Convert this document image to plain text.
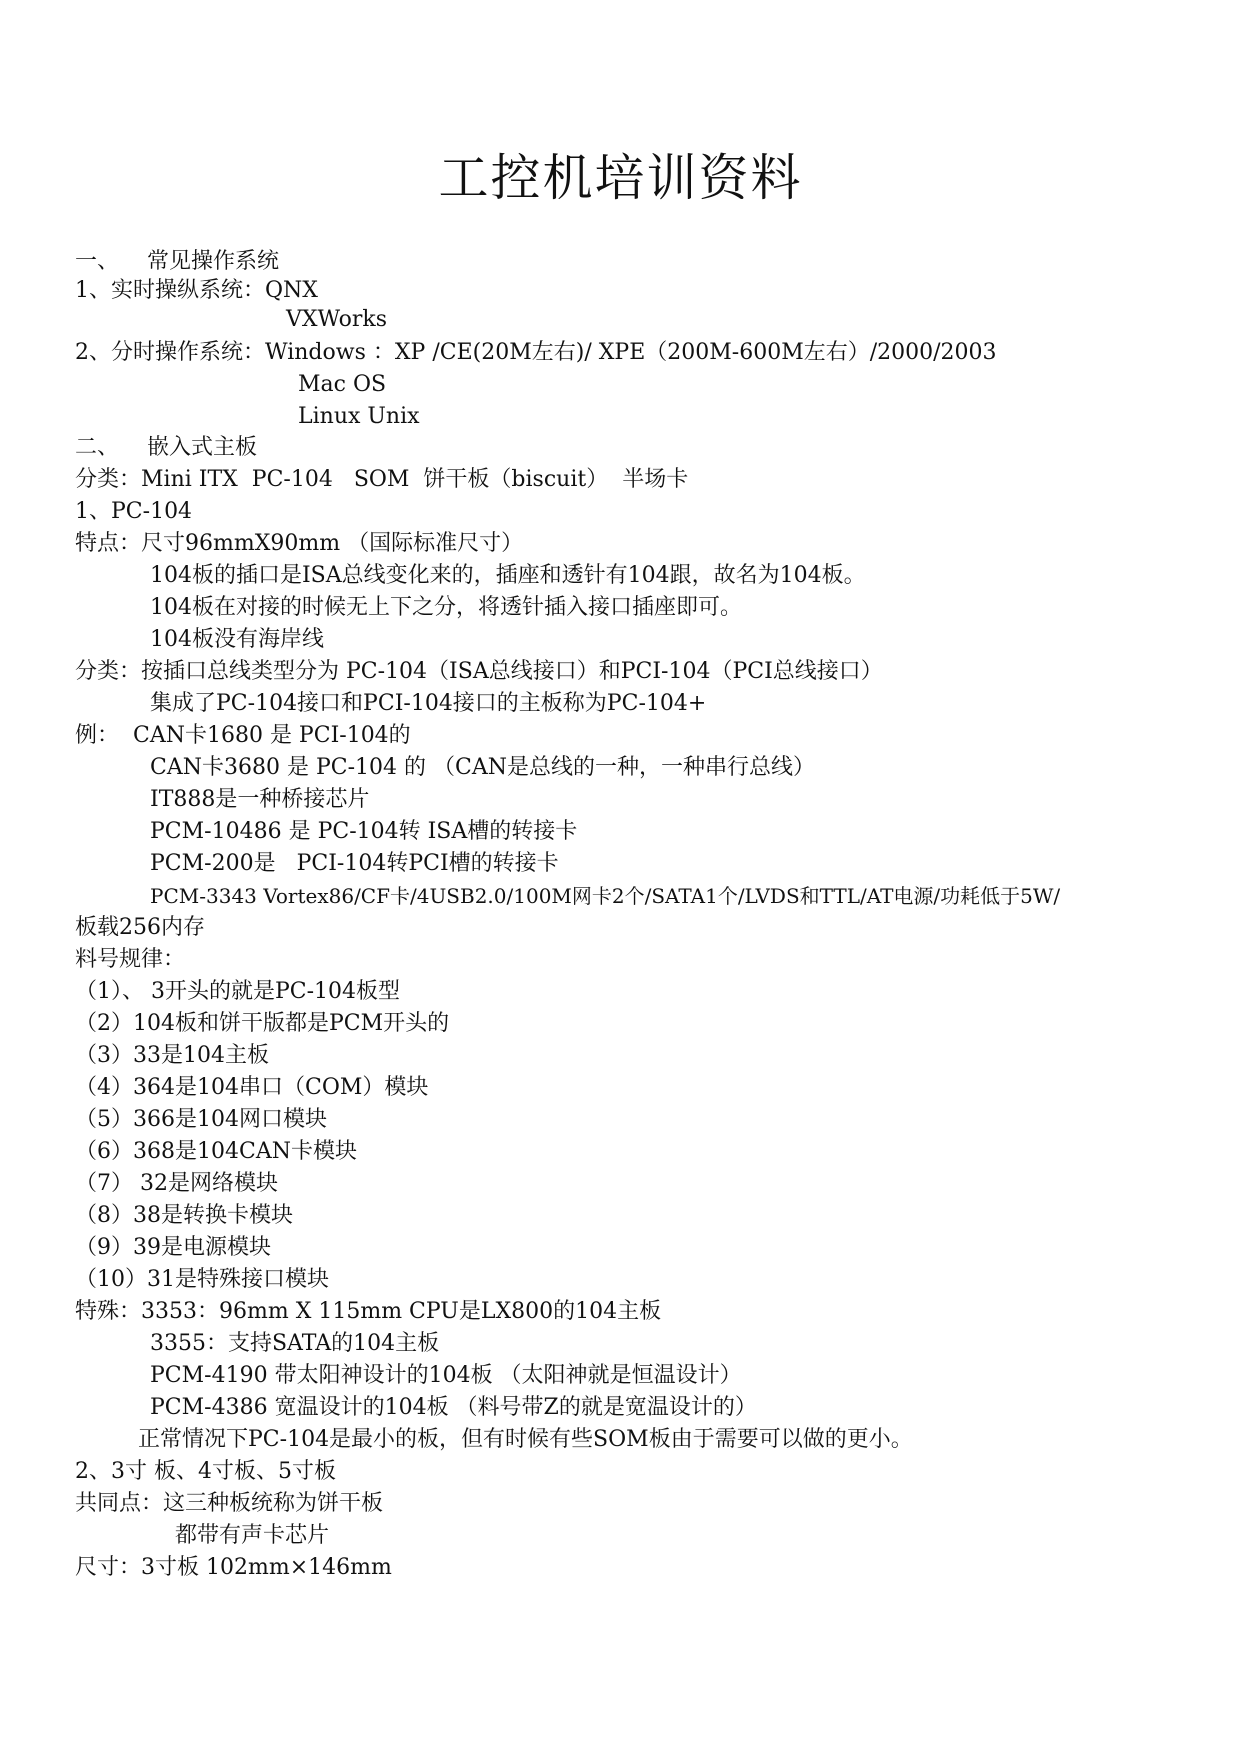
工控机培训资料
一、    常见操作系统
1、实时操纵系统：QNX
VXWorks
2、分时操作系统：Windows ：XP /CE(20M左右)/ XPE（200M-600M左右）/2000/2003
Mac OS
Linux Unix
二、    嵌入式主板
分类：Mini ITX  PC-104   SOM  饼干板（biscuit）  半场卡
1、PC-104
特点：尺寸96mmX90mm （国际标准尺寸）
104板的插口是ISA总线变化来的，插座和透针有104跟，故名为104板。
104板在对接的时候无上下之分，将透针插入接口插座即可。
104板没有海岸线
分类：按插口总线类型分为 PC-104（ISA总线接口）和PCI-104（PCI总线接口）
集成了PC-104接口和PCI-104接口的主板称为PC-104+
例：  CAN卡1680 是 PCI-104的
CAN卡3680 是 PC-104 的 （CAN是总线的一种，一种串行总线）
IT888是一种桥接芯片
PCM-10486 是 PC-104转 ISA槽的转接卡
PCM-200是   PCI-104转PCI槽的转接卡
PCM-3343 Vortex86/CF卡/4USB2.0/100M网卡2个/SATA1个/LVDS和TTL/AT电源/功耗低于5W/
板载256内存
料号规律：
（1）、 3开头的就是PC-104板型
（2）104板和饼干版都是PCM开头的
（3）33是104主板
（4）364是104串口（COM）模块
（5）366是104网口模块
（6）368是104CAN卡模块
（7） 32是网络模块
（8）38是转换卡模块
（9）39是电源模块
（10）31是特殊接口模块
特殊：3353：96mm X 115mm CPU是LX800的104主板
3355：支持SATA的104主板
PCM-4190 带太阳神设计的104板 （太阳神就是恒温设计）
PCM-4386 宽温设计的104板 （料号带Z的就是宽温设计的）
正常情况下PC-104是最小的板，但有时候有些SOM板由于需要可以做的更小。
2、3寸 板、4寸板、5寸板
共同点：这三种板统称为饼干板
都带有声卡芯片
尺寸：3寸板 102mm×146mm
